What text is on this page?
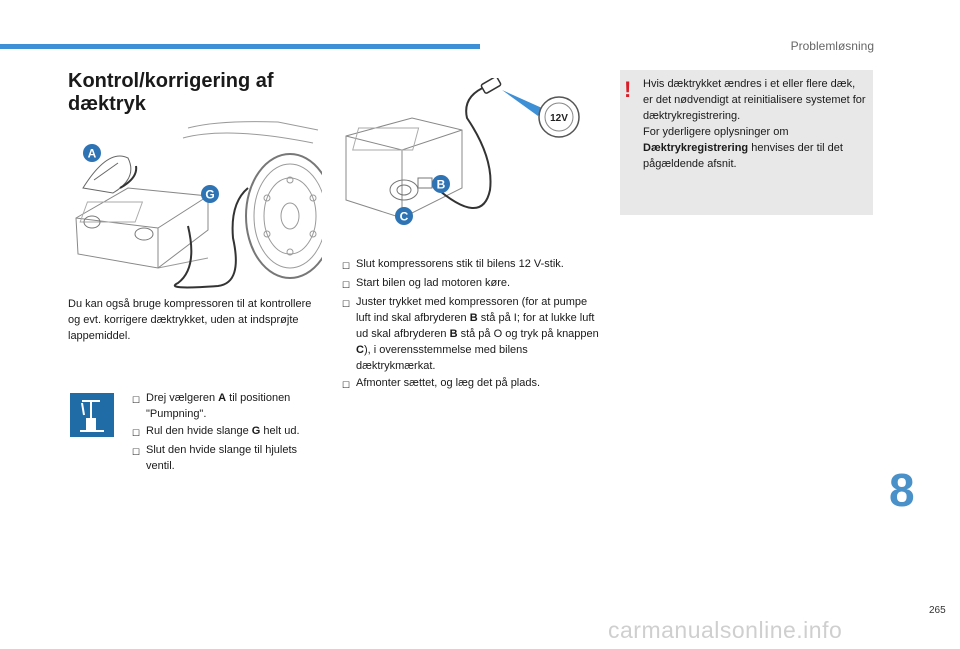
Problemløsning
Kontrol/korrigering af
dæktryk
A
G
12V
B
C
Du kan også bruge kompressoren til at kontrollere og evt. korrigere dæktrykket, uden at indsprøjte lappemiddel.
☐ Drej vælgeren A til positionen "Pumpning".
☐ Rul den hvide slange G helt ud.
☐ Slut den hvide slange til hjulets ventil.
☐ Slut kompressorens stik til bilens 12 V-stik.
☐ Start bilen og lad motoren køre.
☐ Juster trykket med kompressoren (for at pumpe luft ind skal afbryderen B stå på I; for at lukke luft ud skal afbryderen B stå på O og tryk på knappen C), i overensstemmelse med bilens dæktrykmærkat.
☐ Afmonter sættet, og læg det på plads.
! Hvis dæktrykket ændres i et eller flere dæk, er det nødvendigt at reinitialisere systemet for dæktrykregistrering.
For yderligere oplysninger om Dæktrykregistrering henvises der til det pågældende afsnit.
8
265
carmanualsonline.info
